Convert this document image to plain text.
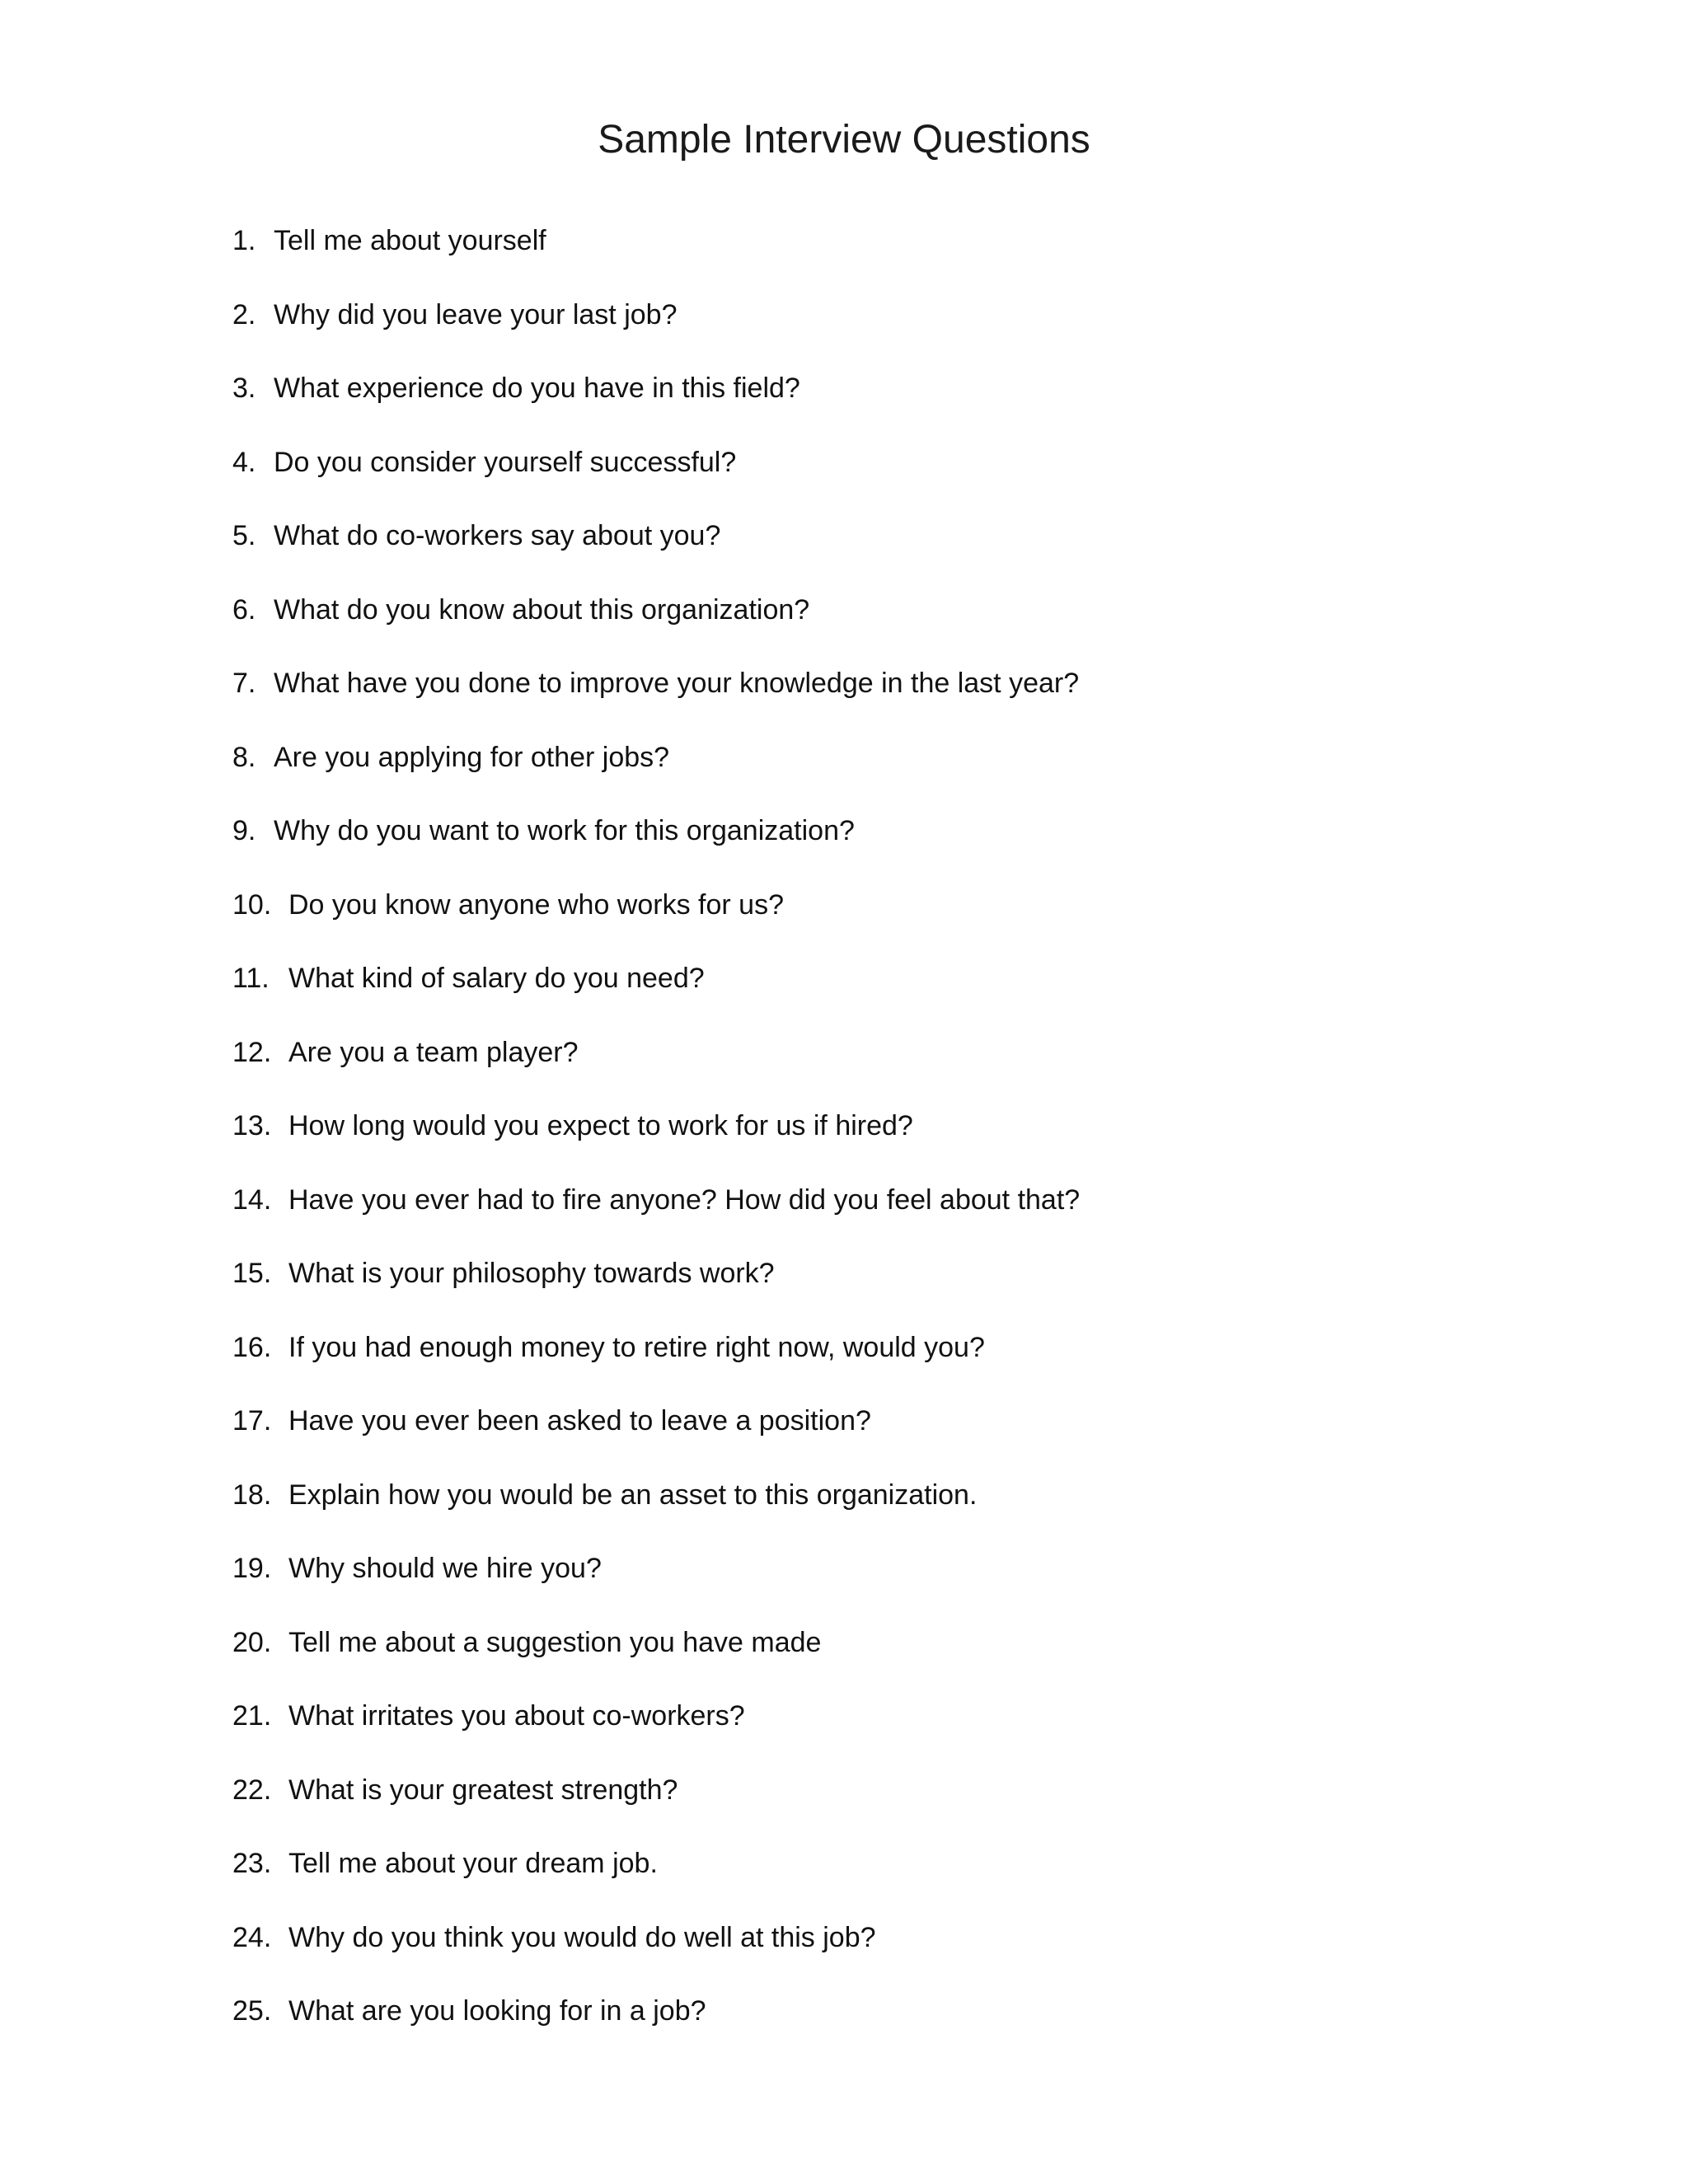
Sample Interview Questions
1. Tell me about yourself
2. Why did you leave your last job?
3. What experience do you have in this field?
4. Do you consider yourself successful?
5. What do co-workers say about you?
6. What do you know about this organization?
7. What have you done to improve your knowledge in the last year?
8. Are you applying for other jobs?
9. Why do you want to work for this organization?
10. Do you know anyone who works for us?
11. What kind of salary do you need?
12. Are you a team player?
13. How long would you expect to work for us if hired?
14. Have you ever had to fire anyone? How did you feel about that?
15. What is your philosophy towards work?
16. If you had enough money to retire right now, would you?
17. Have you ever been asked to leave a position?
18. Explain how you would be an asset to this organization.
19. Why should we hire you?
20. Tell me about a suggestion you have made
21. What irritates you about co-workers?
22. What is your greatest strength?
23. Tell me about your dream job.
24. Why do you think you would do well at this job?
25. What are you looking for in a job?
